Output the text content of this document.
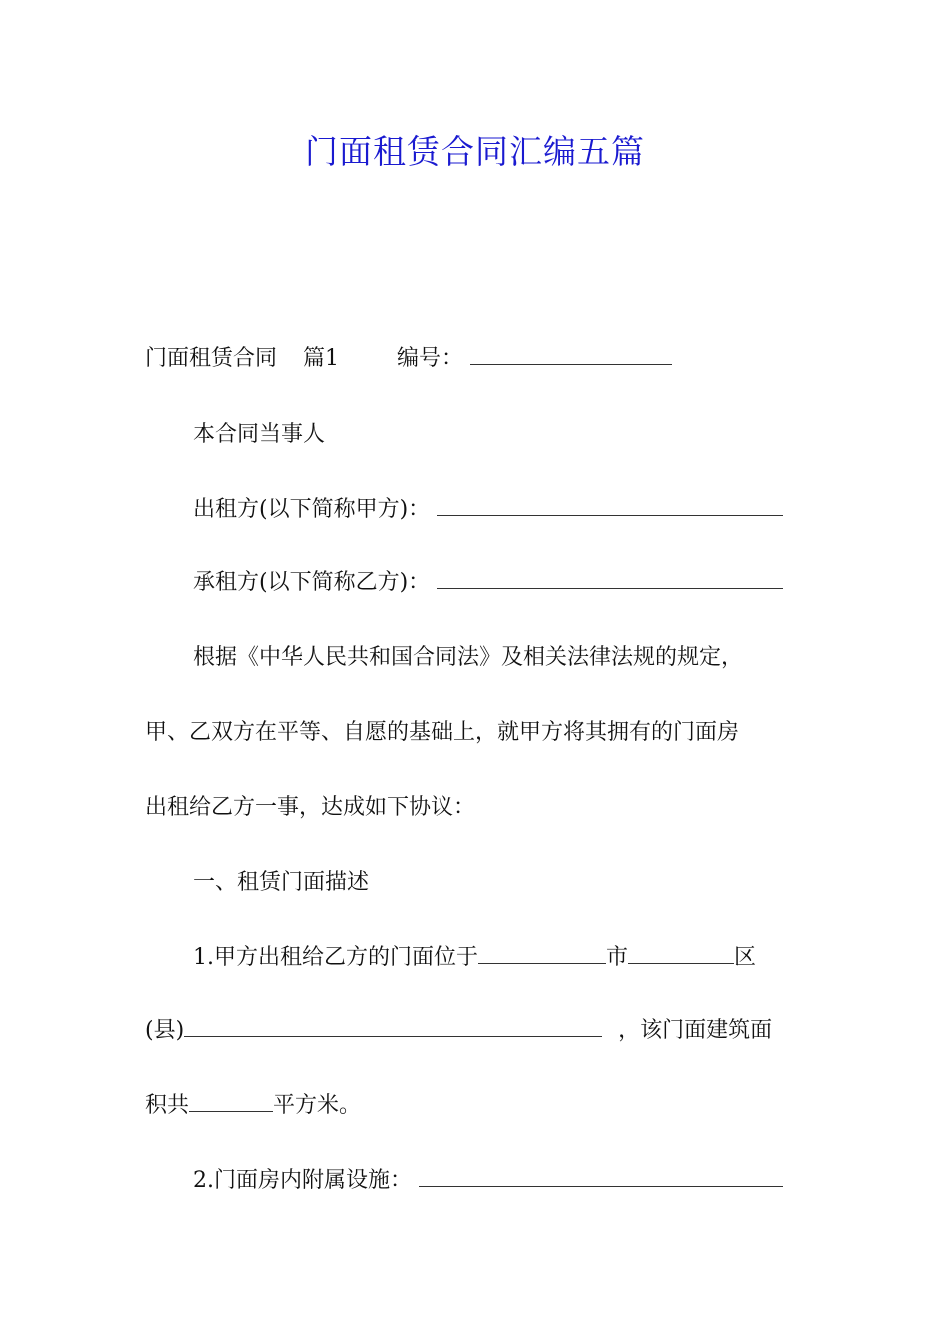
门面租赁合同汇编五篇
门面租赁合同 篇1	编号：
本合同当事人
出租方(以下简称甲方)：
承租方(以下简称乙方)：
根据《中华人民共和国合同法》及相关法律法规的规定，
甲、乙双方在平等、自愿的基础上，就甲方将其拥有的门面房
出租给乙方一事，达成如下协议：
一、租赁门面描述
1.甲方出租给乙方的门面位于	市	区
(县)	，该门面建筑面
积共	平方米。
2.门面房内附属设施：
